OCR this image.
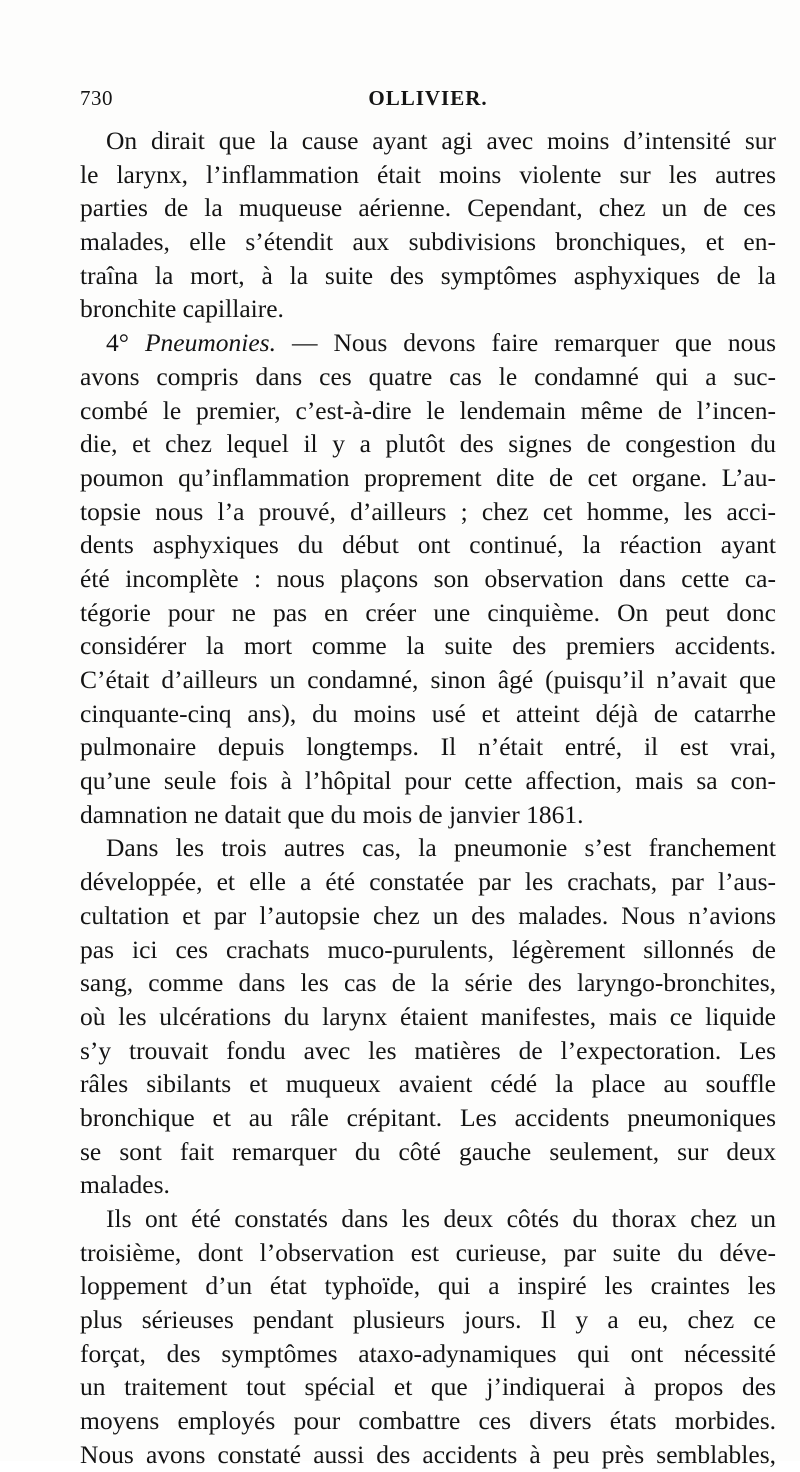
730	OLLIVIER.
On dirait que la cause ayant agi avec moins d’intensité sur
le larynx, l’inflammation était moins violente sur les autres
parties de la muqueuse aérienne. Cependant, chez un de ces
malades, elle s’étendit aux subdivisions bronchiques, et en-
traîna la mort, à la suite des symptômes asphyxiques de la
bronchite capillaire.
4° Pneumonies. — Nous devons faire remarquer que nous
avons compris dans ces quatre cas le condamné qui a suc-
combé le premier, c’est-à-dire le lendemain même de l’incen-
die, et chez lequel il y a plutôt des signes de congestion du
poumon qu’inflammation proprement dite de cet organe. L’au-
topsie nous l’a prouvé, d’ailleurs ; chez cet homme, les acci-
dents asphyxiques du début ont continué, la réaction ayant
été incomplète : nous plaçons son observation dans cette ca-
tégorie pour ne pas en créer une cinquième. On peut donc
considérer la mort comme la suite des premiers accidents.
C’était d’ailleurs un condamné, sinon âgé (puisqu’il n’avait que
cinquante-cinq ans), du moins usé et atteint déjà de catarrhe
pulmonaire depuis longtemps. Il n’était entré, il est vrai,
qu’une seule fois à l’hôpital pour cette affection, mais sa con-
damnation ne datait que du mois de janvier 1861.
Dans les trois autres cas, la pneumonie s’est franchement
développée, et elle a été constatée par les crachats, par l’aus-
cultation et par l’autopsie chez un des malades. Nous n’avions
pas ici ces crachats muco-purulents, légèrement sillonnés de
sang, comme dans les cas de la série des laryngo-bronchites,
où les ulcérations du larynx étaient manifestes, mais ce liquide
s’y trouvait fondu avec les matières de l’expectoration. Les
râles sibilants et muqueux avaient cédé la place au souffle
bronchique et au râle crépitant. Les accidents pneumoniques
se sont fait remarquer du côté gauche seulement, sur deux
malades.
Ils ont été constatés dans les deux côtés du thorax chez un
troisième, dont l’observation est curieuse, par suite du déve-
loppement d’un état typhoïde, qui a inspiré les craintes les
plus sérieuses pendant plusieurs jours. Il y a eu, chez ce
forçat, des symptômes ataxo-adynamiques qui ont nécessité
un traitement tout spécial et que j’indiquerai à propos des
moyens employés pour combattre ces divers états morbides.
Nous avons constaté aussi des accidents à peu près semblables,
